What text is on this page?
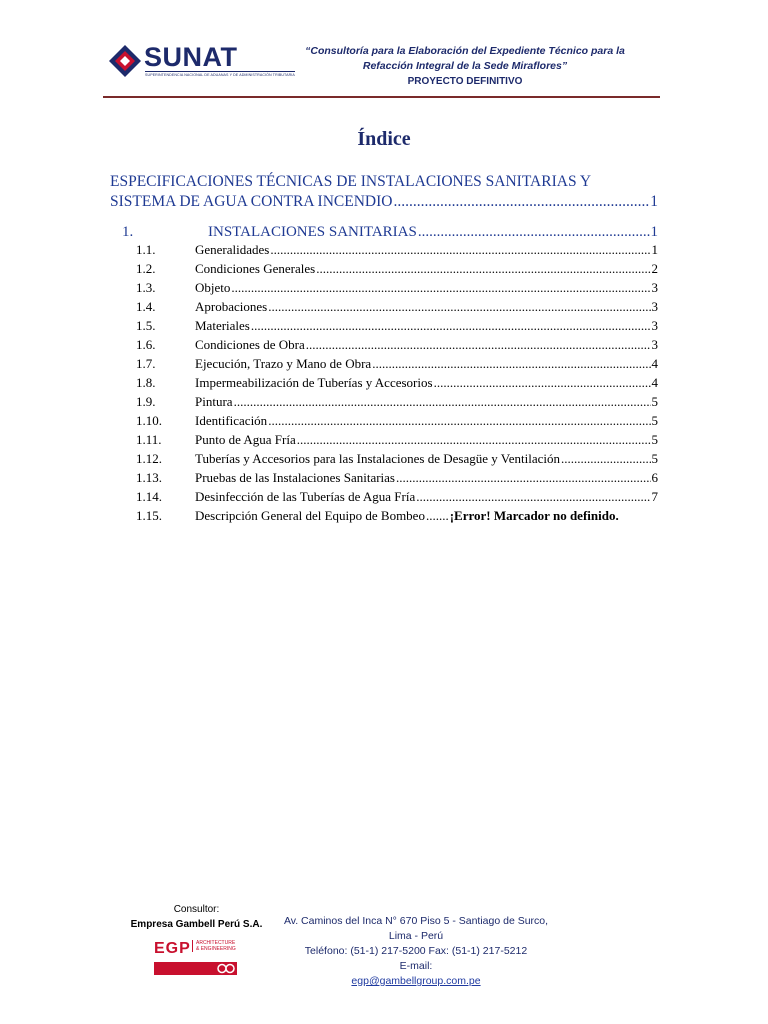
SUNAT
SUPERINTENDENCIA NACIONAL DE ADUANAS Y DE ADMINISTRACIÓN TRIBUTARIA
“Consultoría para la Elaboración del Expediente Técnico para la
Refacción Integral de la Sede Miraflores”
PROYECTO DEFINITIVO
Índice
ESPECIFICACIONES TÉCNICAS DE INSTALACIONES SANITARIAS Y
SISTEMA DE AGUA CONTRA INCENDIO .....	1
1.	INSTALACIONES SANITARIAS .....	1
1.1.	Generalidades .....	1
1.2.	Condiciones Generales .....	2
1.3.	Objeto .....	3
1.4.	Aprobaciones .....	3
1.5.	Materiales .....	3
1.6.	Condiciones de Obra .....	3
1.7.	Ejecución, Trazo y Mano de Obra .....	4
1.8.	Impermeabilización de Tuberías y Accesorios .....	4
1.9.	Pintura .....	5
1.10.	Identificación .....	5
1.11.	Punto de Agua Fría .....	5
1.12.	Tuberías y Accesorios para las Instalaciones de Desagüe y Ventilación .....	5
1.13.	Pruebas de las Instalaciones Sanitarias .....	6
1.14.	Desinfección de las Tuberías de Agua Fría .....	7
1.15.	Descripción General del Equipo de Bombeo ....... ¡Error! Marcador no definido.
Consultor:
Empresa Gambell Perú S.A.
EGP	ARCHITECTURE
& ENGINEERING
Av. Caminos del Inca N° 670 Piso 5 - Santiago de Surco,
Lima - Perú
Teléfono: (51-1) 217-5200 Fax: (51-1) 217-5212
E-mail:
egp@gambellgroup.com.pe
